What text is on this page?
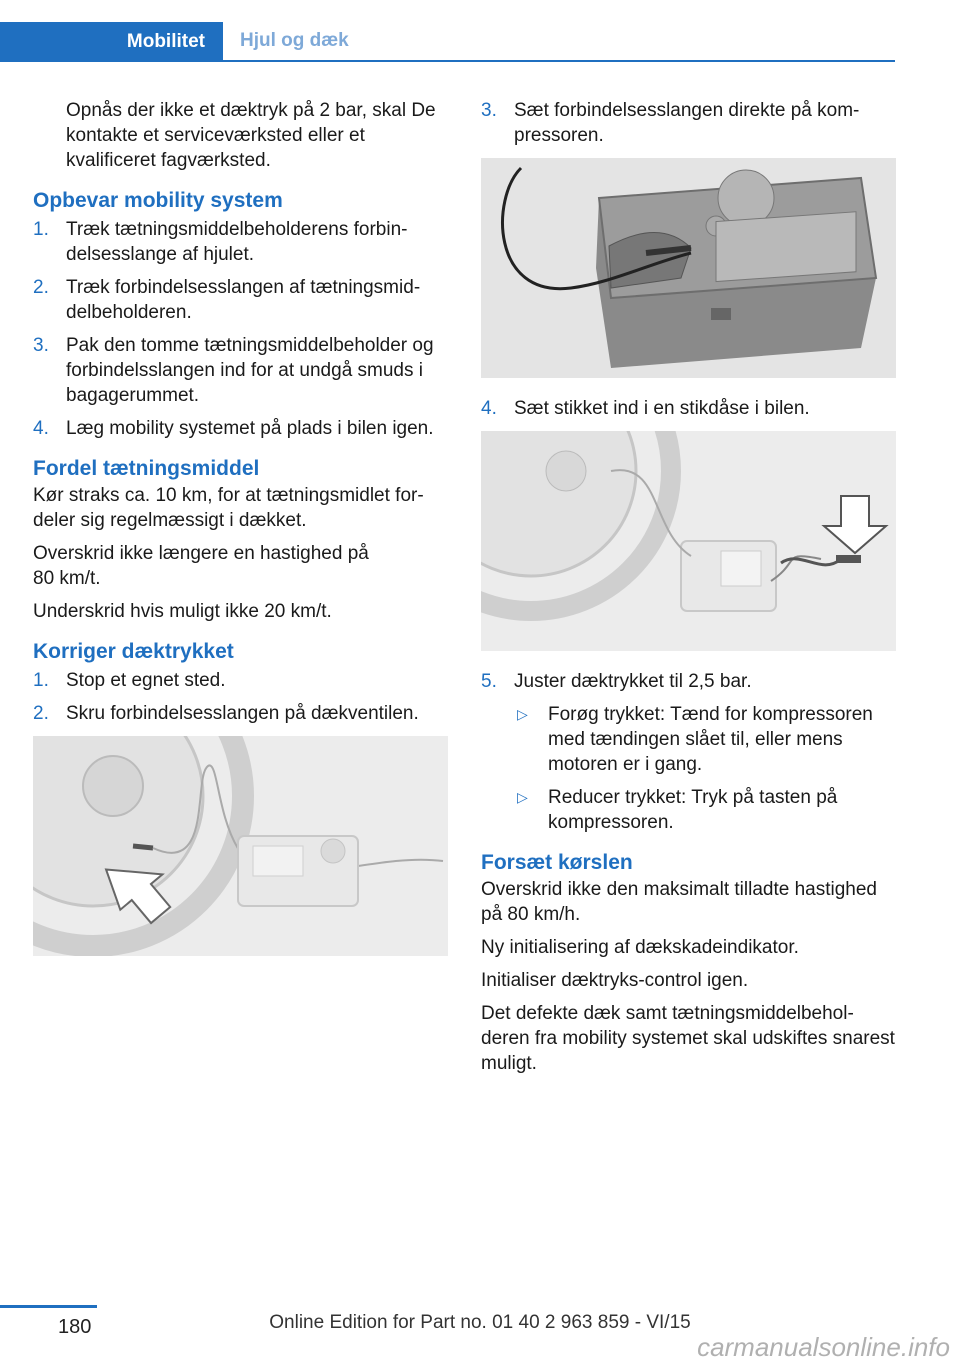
Mobilitet	Hjul og dæk

Opnås der ikke et dæktryk på 2 bar, skal De kontakte et serviceværksted eller et kvalificeret fagværksted.

Opbevar mobility system
1. Træk tætningsmiddelbeholderens forbindelsesslange af hjulet.
2. Træk forbindelsesslangen af tætningsmiddelbeholderen.
3. Pak den tomme tætningsmiddelbeholder og forbindelsslangen ind for at undgå smuds i bagagerummet.
4. Læg mobility systemet på plads i bilen igen.
Fordel tætningsmiddel

Kør straks ca. 10 km, for at tætningsmidlet fordeler sig regelmæssigt i dækket.

Overskrid ikke længere en hastighed på 80 km/t.

Underskrid hvis muligt ikke 20 km/t.

Korriger dæktrykket
1. Stop et egnet sted.
2. Skru forbindelsesslangen på dækventilen.
3. Sæt forbindelsesslangen direkte på kompressoren.
4. Sæt stikket ind i en stikdåse i bilen.
5. Juster dæktrykket til 2,5 bar.
▷ Forøg trykket: Tænd for kompressoren med tændingen slået til, eller mens motoren er i gang.
▷ Reducer trykket: Tryk på tasten på kompressoren.
Forsæt kørslen

Overskrid ikke den maksimalt tilladte hastighed på 80 km/h.

Ny initialisering af dækskadeindikator.

Initialiser dæktryks-control igen.

Det defekte dæk samt tætningsmiddelbeholderen fra mobility systemet skal udskiftes snarest muligt.

180	Online Edition for Part no. 01 40 2 963 859 - VI/15
carmanualsonline.info
